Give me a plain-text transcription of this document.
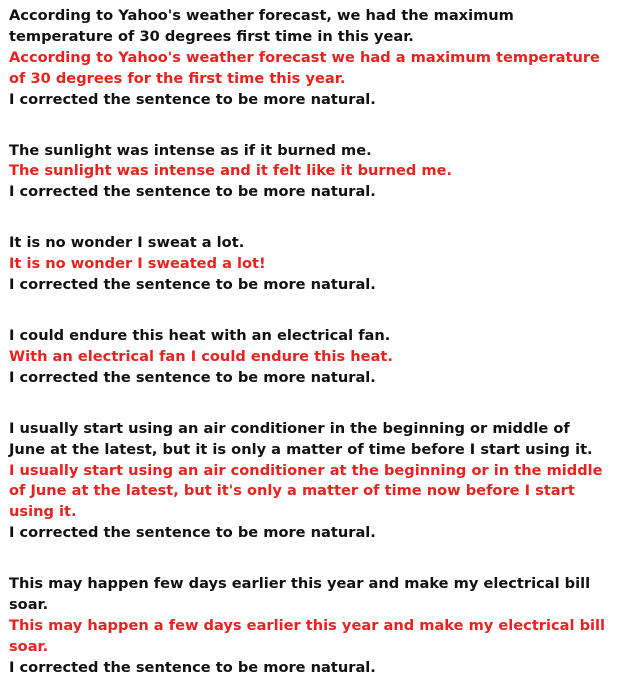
According to Yahoo's weather forecast, we had the maximum temperature of 30 degrees first time in this year.
According to Yahoo's weather forecast we had a maximum temperature of 30 degrees for the first time this year.
I corrected the sentence to be more natural.
The sunlight was intense as if it burned me.
The sunlight was intense and it felt like it burned me.
I corrected the sentence to be more natural.
It is no wonder I sweat a lot.
It is no wonder I sweated a lot!
I corrected the sentence to be more natural.
I could endure this heat with an electrical fan.
With an electrical fan I could endure this heat.
I corrected the sentence to be more natural.
I usually start using an air conditioner in the beginning or middle of June at the latest, but it is only a matter of time before I start using it.
I usually start using an air conditioner at the beginning or in the middle of June at the latest, but it's only a matter of time now before I start using it.
I corrected the sentence to be more natural.
This may happen few days earlier this year and make my electrical bill soar.
This may happen a few days earlier this year and make my electrical bill soar.
I corrected the sentence to be more natural.
